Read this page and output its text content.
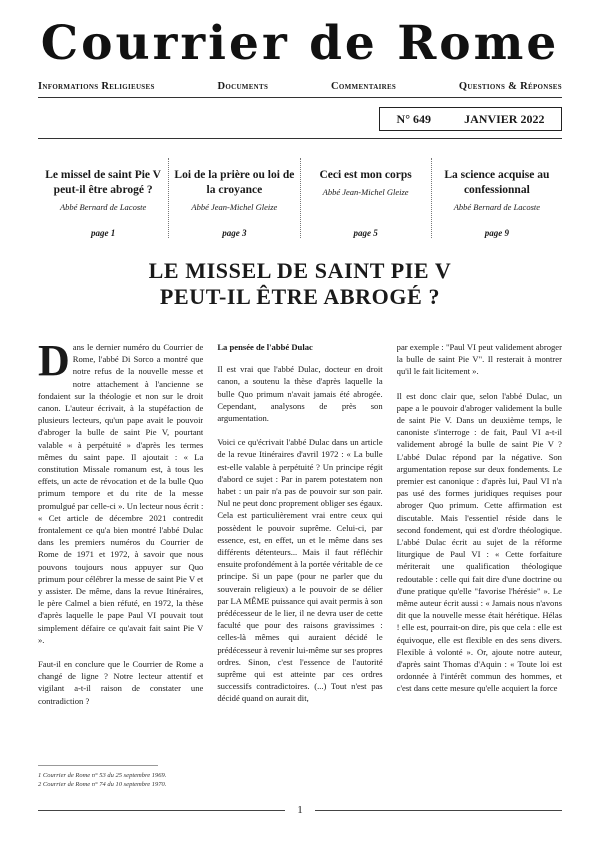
Courrier de Rome
Informations Religieuses	Documents	Commentaires	Questions & Réponses
N° 649	JANVIER 2022
Le missel de saint Pie V peut-il être abrogé ?
Abbé Bernard de Lacoste
page 1
Loi de la prière ou loi de la croyance
Abbé Jean-Michel Gleize
page 3
Ceci est mon corps
Abbé Jean-Michel Gleize
page 5
La science acquise au confessionnal
Abbé Bernard de Lacoste
page 9
LE MISSEL DE SAINT PIE V
PEUT-IL ÊTRE ABROGÉ ?

Dans le dernier numéro du Courrier de Rome, l'abbé Di Sorco a montré que notre refus de la nouvelle messe et notre attachement à l'ancienne se fondaient sur la théologie et non sur le droit canon. L'auteur écrivait, à la stupéfaction de plusieurs lecteurs, qu'un pape avait le pouvoir d'abroger la bulle de saint Pie V, pourtant valable « à perpétuité » d'après les termes mêmes du saint pape. Il ajoutait : « La constitution Missale romanum est, à tous les effets, un acte de révocation et de la bulle Quo primum tempore et du rite de la messe promulgué par celle-ci ». Un lecteur nous écrit : « Cet article de décembre 2021 contredit frontalement ce qu'a bien montré l'abbé Dulac dans les premiers numéros du Courrier de Rome de 1971 et 1972, à savoir que nous pouvons toujours nous appuyer sur Quo primum pour célébrer la messe de saint Pie V et y assister. De même, dans la revue Itinéraires, le père Calmel a bien réfuté, en 1972, la thèse d'après laquelle le pape Paul VI pouvait tout simplement défaire ce qu'avait fait saint Pie V ».

Faut-il en conclure que le Courrier de Rome a changé de ligne ? Notre lecteur attentif et vigilant a-t-il raison de constater une contradiction ?

La pensée de l'abbé Dulac

Il est vrai que l'abbé Dulac, docteur en droit canon, a soutenu la thèse d'après laquelle la bulle Quo primum n'avait jamais été abrogée. Cependant, analysons de près son argumentation.

Voici ce qu'écrivait l'abbé Dulac dans un article de la revue Itinéraires d'avril 1972 : « La bulle est-elle valable à perpétuité ? Un principe régit d'abord ce sujet : Par in parem potestatem non habet : un pair n'a pas de pouvoir sur son pair. Nul ne peut donc proprement obliger ses égaux. Cela est particulièrement vrai entre ceux qui possèdent le pouvoir suprême. Celui-ci, par essence, est, en effet, un et le même dans ses différents détenteurs... Mais il faut réfléchir ensuite profondément à la portée véritable de ce principe. Si un pape (pour ne parler que du souverain religieux) a le pouvoir de se délier par LA MÊME puissance qui avait permis à son prédécesseur de le lier, il ne devra user de cette faculté que pour des raisons gravissimes : celles-là mêmes qui auraient décidé le prédécesseur à revenir lui-même sur ses propres ordres. Sinon, c'est l'essence de l'autorité suprême qui est atteinte par ces ordres successifs contradictoires. (...) Tout n'est pas décidé quand on aurait dit,

par exemple : "Paul VI peut validement abroger la bulle de saint Pie V". Il resterait à montrer qu'il le fait licitement ».

Il est donc clair que, selon l'abbé Dulac, un pape a le pouvoir d'abroger validement la bulle de saint Pie V. Dans un deuxième temps, le canoniste s'interroge : de fait, Paul VI a-t-il validement abrogé la bulle de saint Pie V ? L'abbé Dulac répond par la négative. Son argumentation repose sur deux fondements. Le premier est canonique : d'après lui, Paul VI n'a pas usé des formes juridiques requises pour abroger Quo primum. Cette affirmation est discutable. Mais l'essentiel réside dans le second fondement, qui est d'ordre théologique. L'abbé Dulac écrit au sujet de la réforme liturgique de Paul VI : « Cette forfaiture mériterait une qualification théologique redoutable : celle qui fait dire d'une doctrine ou d'une pratique qu'elle "favorise l'hérésie" ». Le même auteur écrit aussi : « Jamais nous n'avons dit que la nouvelle messe était hérétique. Hélas ! elle est, pourrait-on dire, pis que cela : elle est équivoque, elle est flexible en des sens divers. Flexible à volonté ». Or, ajoute notre auteur, d'après saint Thomas d'Aquin : « Toute loi est ordonnée à l'intérêt commun des hommes, et c'est dans cette mesure qu'elle acquiert la force

1 Courrier de Rome n° 53 du 25 septembre 1969.
2 Courrier de Rome n° 74 du 10 septembre 1970.
1
